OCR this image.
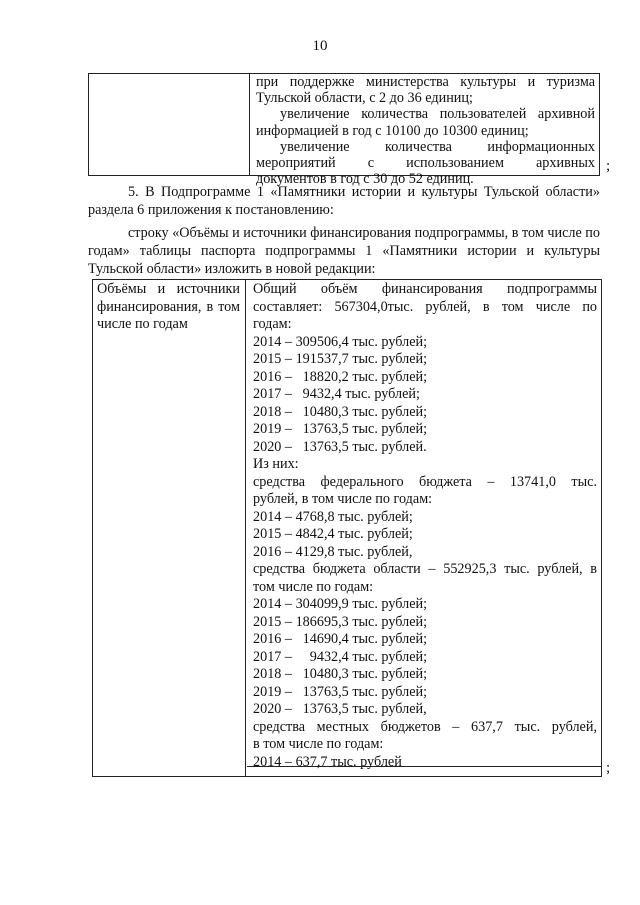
10
при поддержке министерства культуры и туризма
Тульской области, с 2 до 36 единиц;
увеличение количества пользователей архивной
информацией в год с 10100 до 10300 единиц;
увеличение количества информационных
мероприятий с использованием архивных
документов в год с 30 до 52 единиц.
;
5. В Подпрограмме 1 «Памятники истории и культуры Тульской области» раздела 6 приложения к постановлению:
строку «Объёмы и источники финансирования подпрограммы, в том числе по годам» таблицы паспорта подпрограммы 1 «Памятники истории и культуры Тульской области» изложить в новой редакции:
Объёмы и источники финансирования, в том числе по годам
Общий объём финансирования подпрограммы
составляет: 567304,0тыс. рублей, в том числе по
годам:
2014 – 309506,4 тыс. рублей;
2015 – 191537,7 тыс. рублей;
2016 –   18820,2 тыс. рублей;
2017 –   9432,4 тыс. рублей;
2018 –   10480,3 тыс. рублей;
2019 –   13763,5 тыс. рублей;
2020 –   13763,5 тыс. рублей.
Из них:
средства федерального бюджета – 13741,0 тыс.
рублей, в том числе по годам:
2014 – 4768,8 тыс. рублей;
2015 – 4842,4 тыс. рублей;
2016 – 4129,8 тыс. рублей,
средства бюджета области – 552925,3 тыс. рублей, в
том числе по годам:
2014 – 304099,9 тыс. рублей;
2015 – 186695,3 тыс. рублей;
2016 –   14690,4 тыс. рублей;
2017 –     9432,4 тыс. рублей;
2018 –   10480,3 тыс. рублей;
2019 –   13763,5 тыс. рублей;
2020 –   13763,5 тыс. рублей,
средства местных бюджетов – 637,7 тыс. рублей,
в том числе по годам:
2014 – 637,7 тыс. рублей	;
